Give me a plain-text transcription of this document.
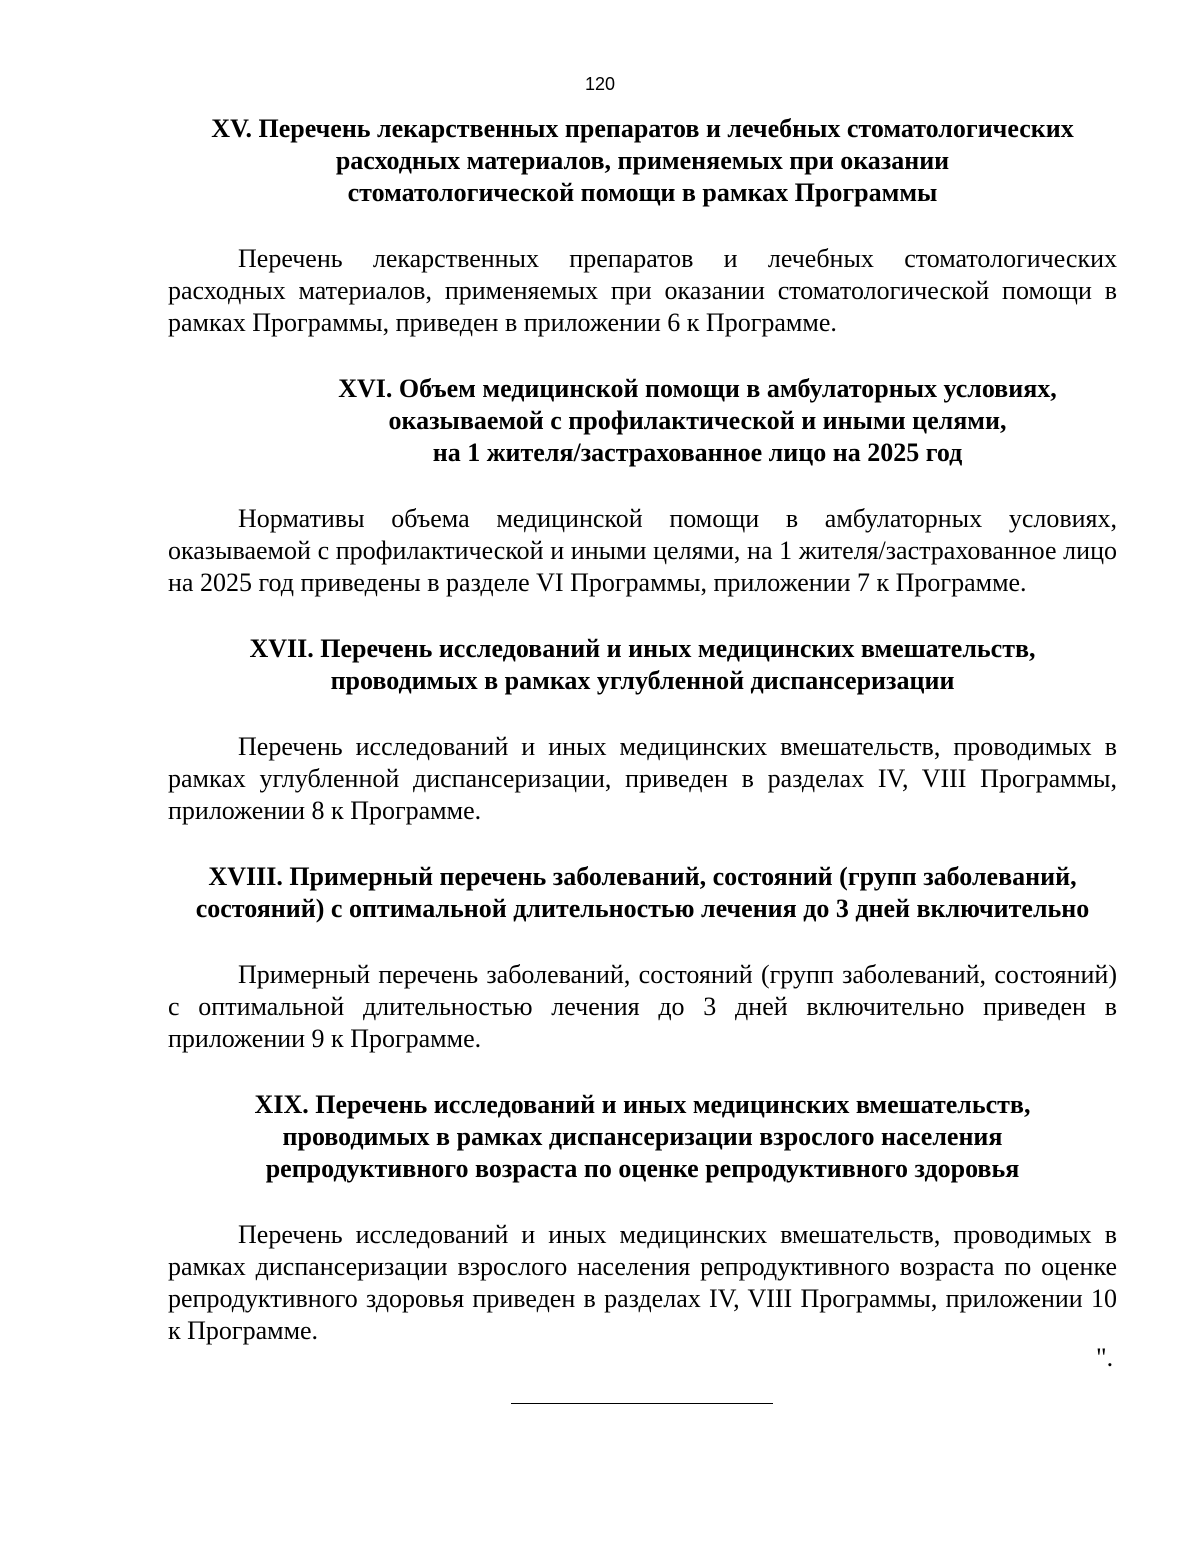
120
XV. Перечень лекарственных препаратов и лечебных стоматологических
расходных материалов, применяемых при оказании
стоматологической помощи в рамках Программы

Перечень лекарственных препаратов и лечебных стоматологических расходных материалов, применяемых при оказании стоматологической помощи в рамках Программы, приведен в приложении 6 к Программе.

XVI. Объем медицинской помощи в амбулаторных условиях,
оказываемой с профилактической и иными целями,
на 1 жителя/застрахованное лицо на 2025 год

Нормативы объема медицинской помощи в амбулаторных условиях, оказываемой с профилактической и иными целями, на 1 жителя/застрахованное лицо на 2025 год приведены в разделе VI Программы, приложении 7 к Программе.

XVII. Перечень исследований и иных медицинских вмешательств,
проводимых в рамках углубленной диспансеризации

Перечень исследований и иных медицинских вмешательств, проводимых в рамках углубленной диспансеризации, приведен в разделах IV, VIII Программы, приложении 8 к Программе.

XVIII. Примерный перечень заболеваний, состояний (групп заболеваний,
состояний) с оптимальной длительностью лечения до 3 дней включительно

Примерный перечень заболеваний, состояний (групп заболеваний, состояний) с оптимальной длительностью лечения до 3 дней включительно приведен в приложении 9 к Программе.

XIX. Перечень исследований и иных медицинских вмешательств,
проводимых в рамках диспансеризации взрослого населения
репродуктивного возраста по оценке репродуктивного здоровья

Перечень исследований и иных медицинских вмешательств, проводимых в рамках диспансеризации взрослого населения репродуктивного возраста по оценке репродуктивного здоровья приведен в разделах IV, VIII Программы, приложении 10 к Программе.

".
